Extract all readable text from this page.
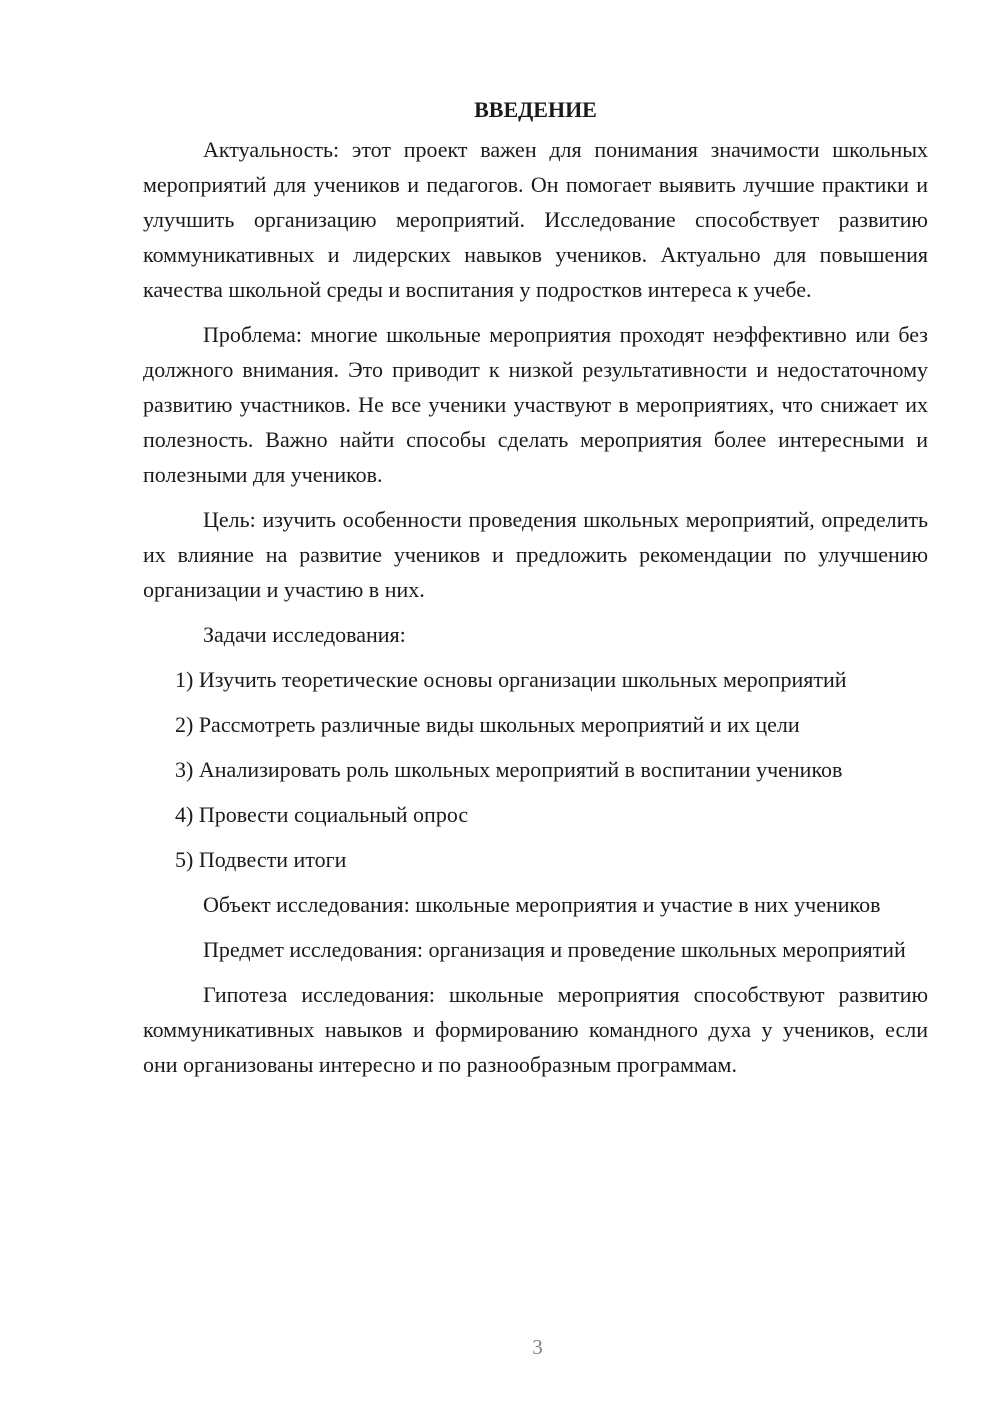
ВВЕДЕНИЕ

Актуальность: этот проект важен для понимания значимости школьных мероприятий для учеников и педагогов. Он помогает выявить лучшие практики и улучшить организацию мероприятий. Исследование способствует развитию коммуникативных и лидерских навыков учеников. Актуально для повышения качества школьной среды и воспитания у подростков интереса к учебе.

Проблема: многие школьные мероприятия проходят неэффективно или без должного внимания. Это приводит к низкой результативности и недостаточному развитию участников. Не все ученики участвуют в мероприятиях, что снижает их полезность. Важно найти способы сделать мероприятия более интересными и полезными для учеников.

Цель: изучить особенности проведения школьных мероприятий, определить их влияние на развитие учеников и предложить рекомендации по улучшению организации и участию в них.

Задачи исследования:

1) Изучить теоретические основы организации школьных мероприятий

2) Рассмотреть различные виды школьных мероприятий и их цели

3) Анализировать роль школьных мероприятий в воспитании учеников

4) Провести социальный опрос

5) Подвести итоги

Объект исследования: школьные мероприятия и участие в них учеников

Предмет исследования: организация и проведение школьных мероприятий

Гипотеза исследования: школьные мероприятия способствуют развитию коммуникативных навыков и формированию командного духа у учеников, если они организованы интересно и по разнообразным программам.

3
